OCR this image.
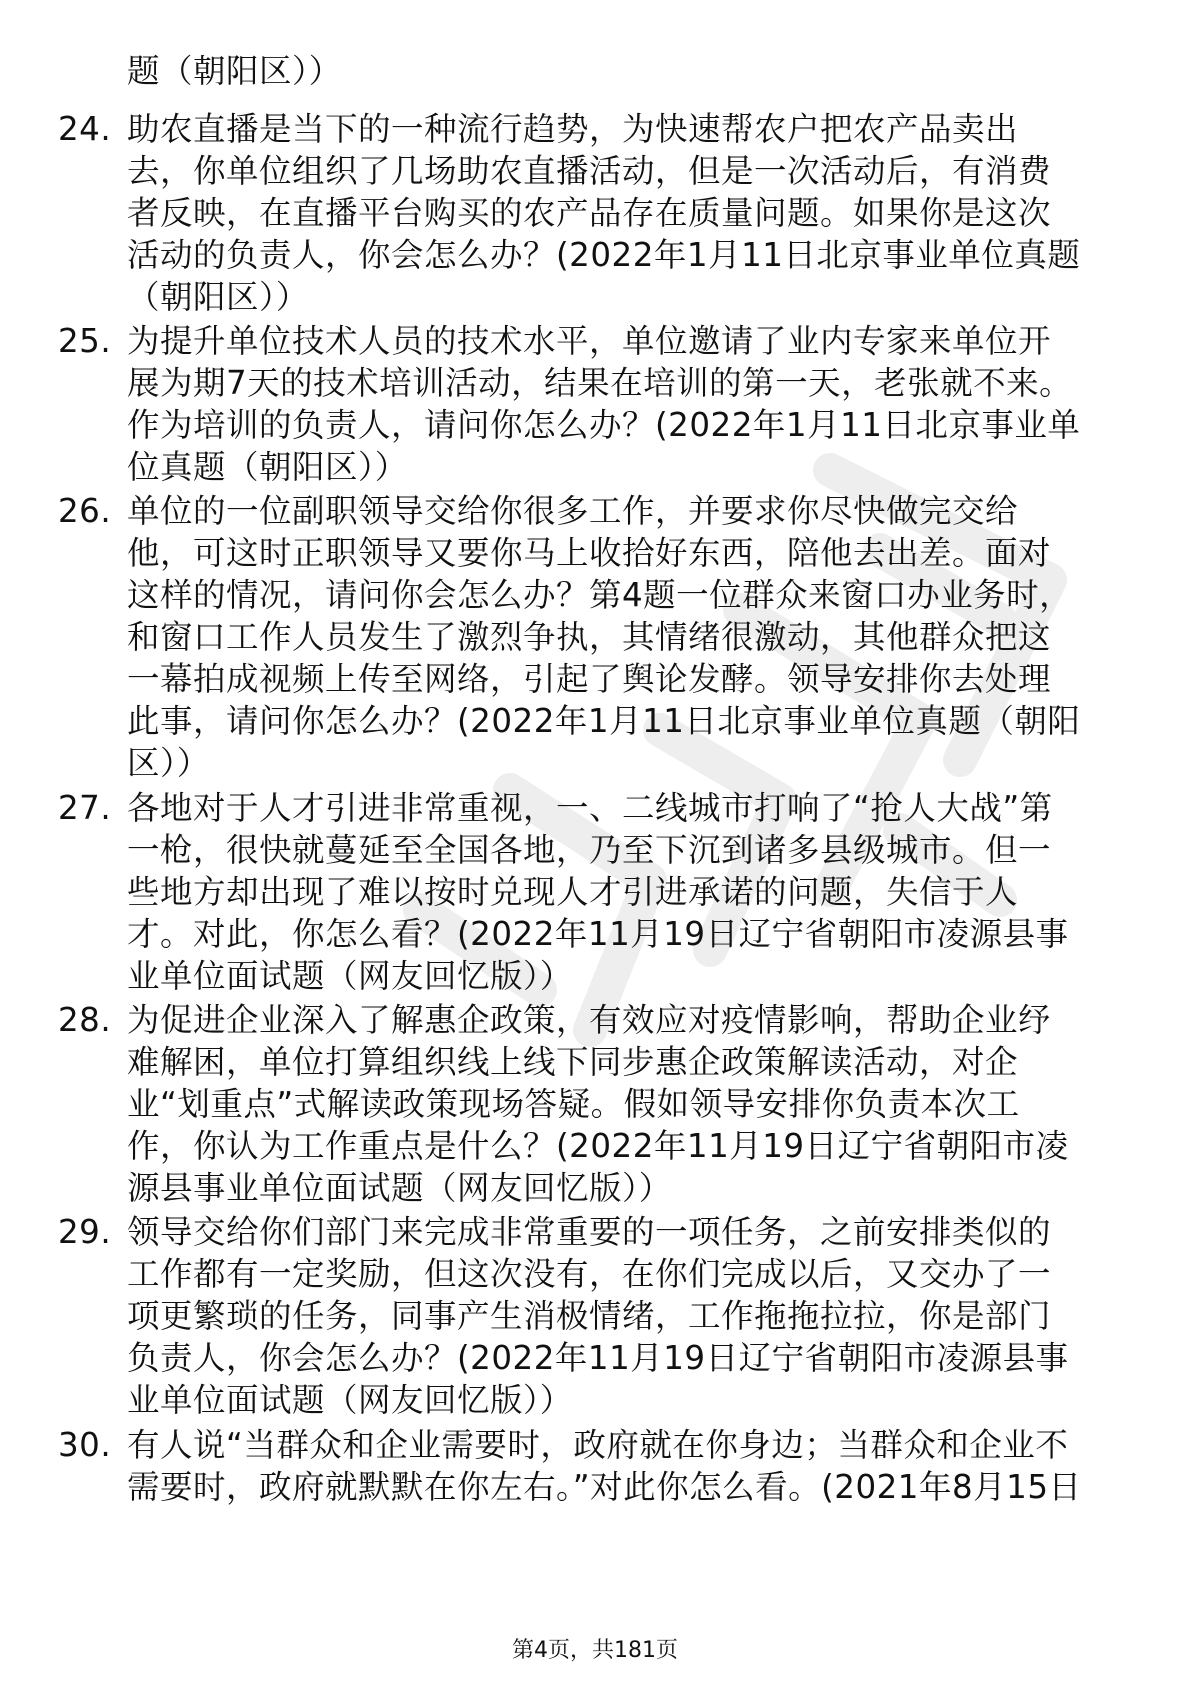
题（朝阳区））
24. 助农直播是当下的一种流行趋势，为快速帮农户把农产品卖出
去，你单位组织了几场助农直播活动，但是一次活动后，有消费
者反映，在直播平台购买的农产品存在质量问题。如果你是这次
活动的负责人，你会怎么办？(2022年1月11日北京事业单位真题
（朝阳区））
25. 为提升单位技术人员的技术水平，单位邀请了业内专家来单位开
展为期7天的技术培训活动，结果在培训的第一天，老张就不来。
作为培训的负责人，请问你怎么办？(2022年1月11日北京事业单
位真题（朝阳区））
26. 单位的一位副职领导交给你很多工作，并要求你尽快做完交给
他，可这时正职领导又要你马上收拾好东西，陪他去出差。面对
这样的情况，请问你会怎么办？第4题一位群众来窗口办业务时，
和窗口工作人员发生了激烈争执，其情绪很激动，其他群众把这
一幕拍成视频上传至网络，引起了舆论发酵。领导安排你去处理
此事，请问你怎么办？(2022年1月11日北京事业单位真题（朝阳
区））
27. 各地对于人才引进非常重视，一、二线城市打响了“抢人大战”第
一枪，很快就蔓延至全国各地，乃至下沉到诸多县级城市。但一
些地方却出现了难以按时兑现人才引进承诺的问题，失信于人
才。对此，你怎么看？(2022年11月19日辽宁省朝阳市凌源县事
业单位面试题（网友回忆版））
28. 为促进企业深入了解惠企政策，有效应对疫情影响，帮助企业纾
难解困，单位打算组织线上线下同步惠企政策解读活动，对企
业“划重点”式解读政策现场答疑。假如领导安排你负责本次工
作，你认为工作重点是什么？(2022年11月19日辽宁省朝阳市凌
源县事业单位面试题（网友回忆版））
29. 领导交给你们部门来完成非常重要的一项任务，之前安排类似的
工作都有一定奖励，但这次没有，在你们完成以后，又交办了一
项更繁琐的任务，同事产生消极情绪，工作拖拖拉拉，你是部门
负责人，你会怎么办？(2022年11月19日辽宁省朝阳市凌源县事
业单位面试题（网友回忆版））
30. 有人说“当群众和企业需要时，政府就在你身边；当群众和企业不
需要时，政府就默默在你左右。”对此你怎么看。(2021年8月15日
第4页，共181页
